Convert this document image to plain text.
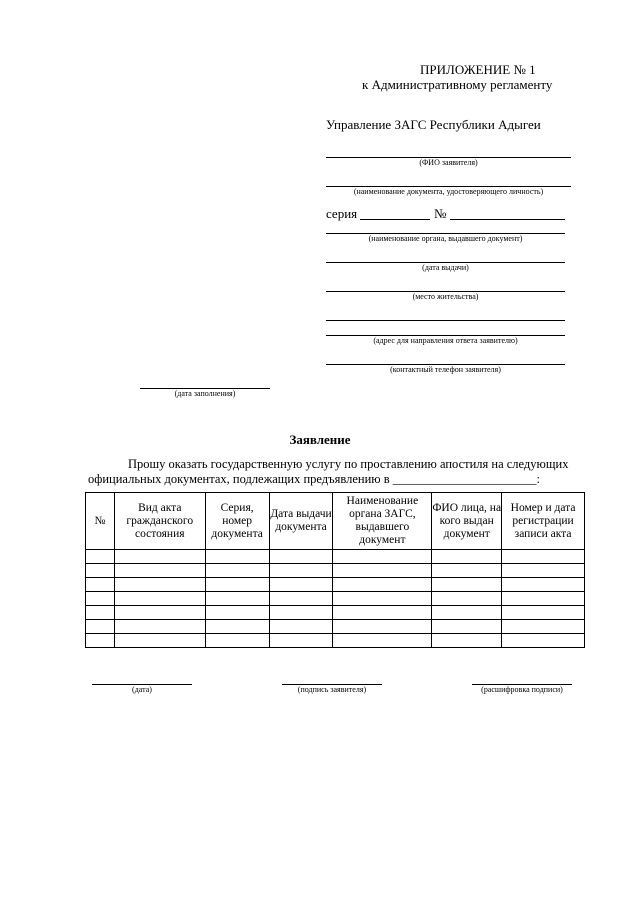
ПРИЛОЖЕНИЕ № 1
к Административному регламенту
Управление ЗАГС Республики Адыгеи
(ФИО заявителя)
(наименование документа, удостоверяющего личность)
серия	№
(наименование органа, выдавшего документ)
(дата выдачи)
(место жительства)
(адрес для направления ответа заявителю)
(контактный телефон заявителя)
(дата заполнения)
Заявление
Прошу оказать государственную услугу по проставлению апостиля на следующих
официальных документах, подлежащих предъявлению в _______________________:
№	Вид акта гражданского состояния	Серия, номер документа	Дата выдачи документа	Наименование органа ЗАГС, выдавшего документ	ФИО лица, на кого выдан документ	Номер и дата регистрации записи акта

(дата)	(подпись заявителя)	(расшифровка подписи)
